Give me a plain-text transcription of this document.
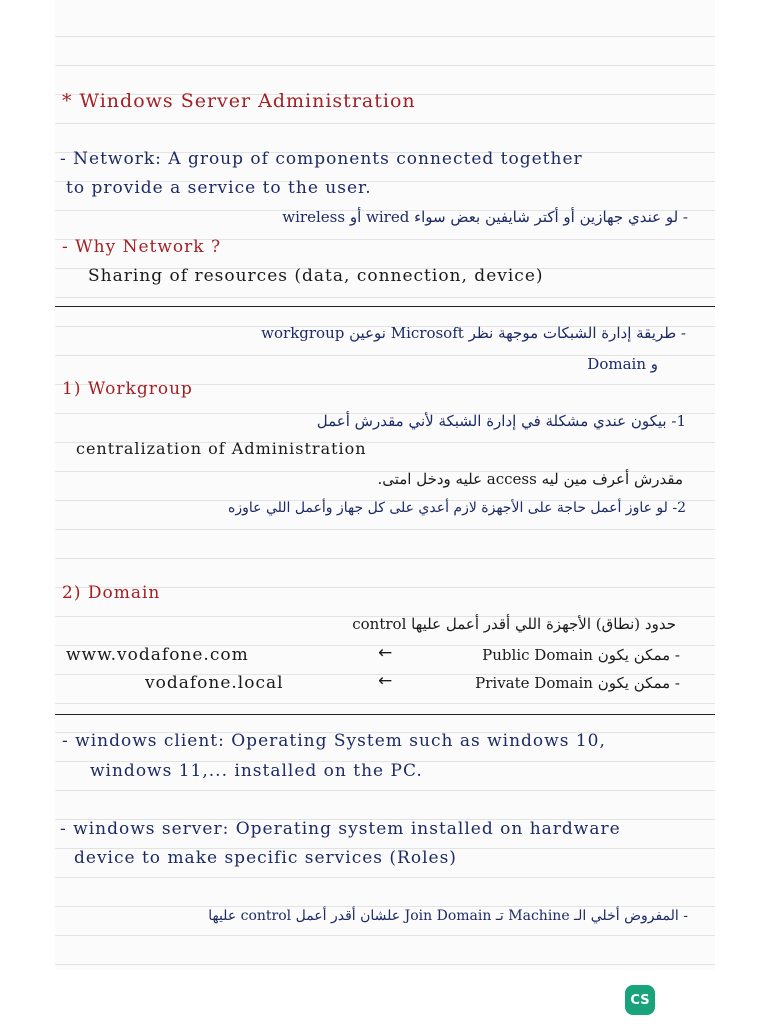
* Windows Server Administration
- Network: A group of components connected together
to provide a service to the user.
- لو عندي جهازين أو أكتر شايفين بعض سواء wired أو wireless
- Why Network ?
Sharing of resources (data, connection, device)
- طريقة إدارة الشبكات موجهة نظر Microsoft نوعين workgroup
Domain و
1) Workgroup
1- بيكون عندي مشكلة في إدارة الشبكة لأني مقدرش أعمل
centralization of Administration
مقدرش أعرف مين ليه access عليه ودخل امتى.
2- لو عاوز أعمل حاجة على الأجهزة لازم أعدي على كل جهاز وأعمل اللي عاوزه
2) Domain
حدود (نطاق) الأجهزة اللي أقدر أعمل عليها control
www.vodafone.com	←	Public Domain ممكن يكون -
vodafone.local	←	Private Domain ممكن يكون -
- windows client: Operating System such as windows 10,
windows 11,... installed on the PC.
- windows server: Operating system installed on hardware
device to make specific services (Roles)
- المفروض أخلي الـ Machine تـ Join Domain علشان أقدر أعمل control عليها
CS
